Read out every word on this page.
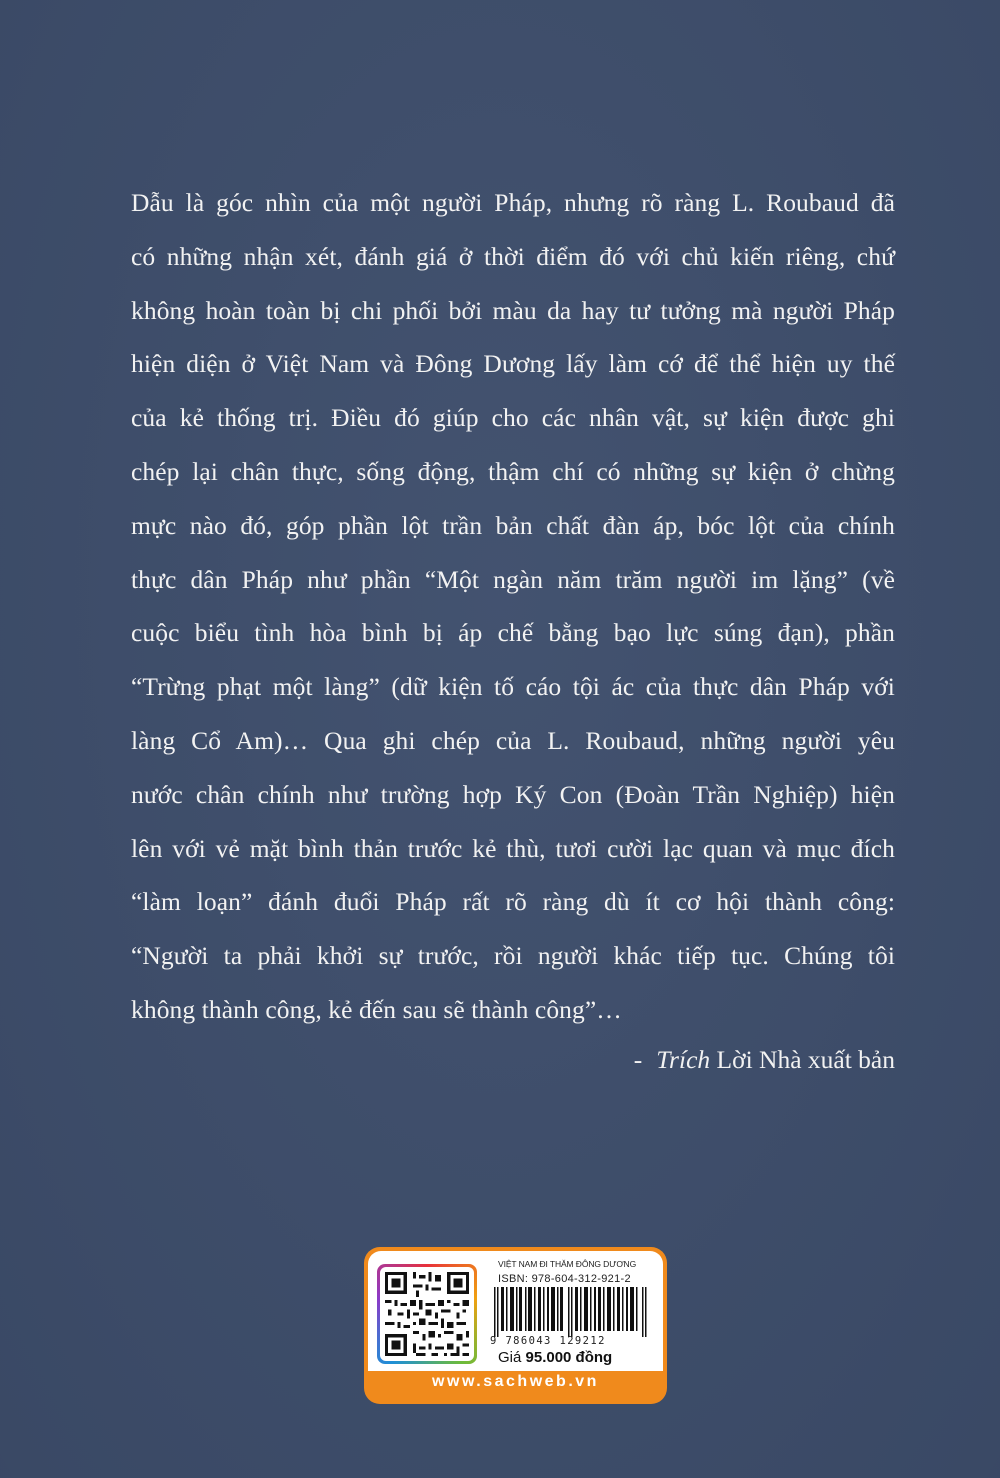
Dẫu là góc nhìn của một người Pháp, nhưng rõ ràng L. Roubaud đã
có những nhận xét, đánh giá ở thời điểm đó với chủ kiến riêng, chứ
không hoàn toàn bị chi phối bởi màu da hay tư tưởng mà người Pháp
hiện diện ở Việt Nam và Đông Dương lấy làm cớ để thể hiện uy thế
của kẻ thống trị. Điều đó giúp cho các nhân vật, sự kiện được ghi
chép lại chân thực, sống động, thậm chí có những sự kiện ở chừng
mực nào đó, góp phần lột trần bản chất đàn áp, bóc lột của chính
thực dân Pháp như phần “Một ngàn năm trăm người im lặng” (về
cuộc biểu tình hòa bình bị áp chế bằng bạo lực súng đạn), phần
“Trừng phạt một làng” (dữ kiện tố cáo tội ác của thực dân Pháp với
làng Cổ Am)… Qua ghi chép của L. Roubaud, những người yêu
nước chân chính như trường hợp Ký Con (Đoàn Trần Nghiệp) hiện
lên với vẻ mặt bình thản trước kẻ thù, tươi cười lạc quan và mục đích
“làm loạn” đánh đuổi Pháp rất rõ ràng dù ít cơ hội thành công:
“Người ta phải khởi sự trước, rồi người khác tiếp tục. Chúng tôi
không thành công, kẻ đến sau sẽ thành công”…
- Trích Lời Nhà xuất bản
VIỆT NAM ĐI THĂM ĐÔNG DƯƠNG
ISBN: 978-604-312-921-2
9 786043 129212
Giá 95.000 đồng
www.sachweb.vn
